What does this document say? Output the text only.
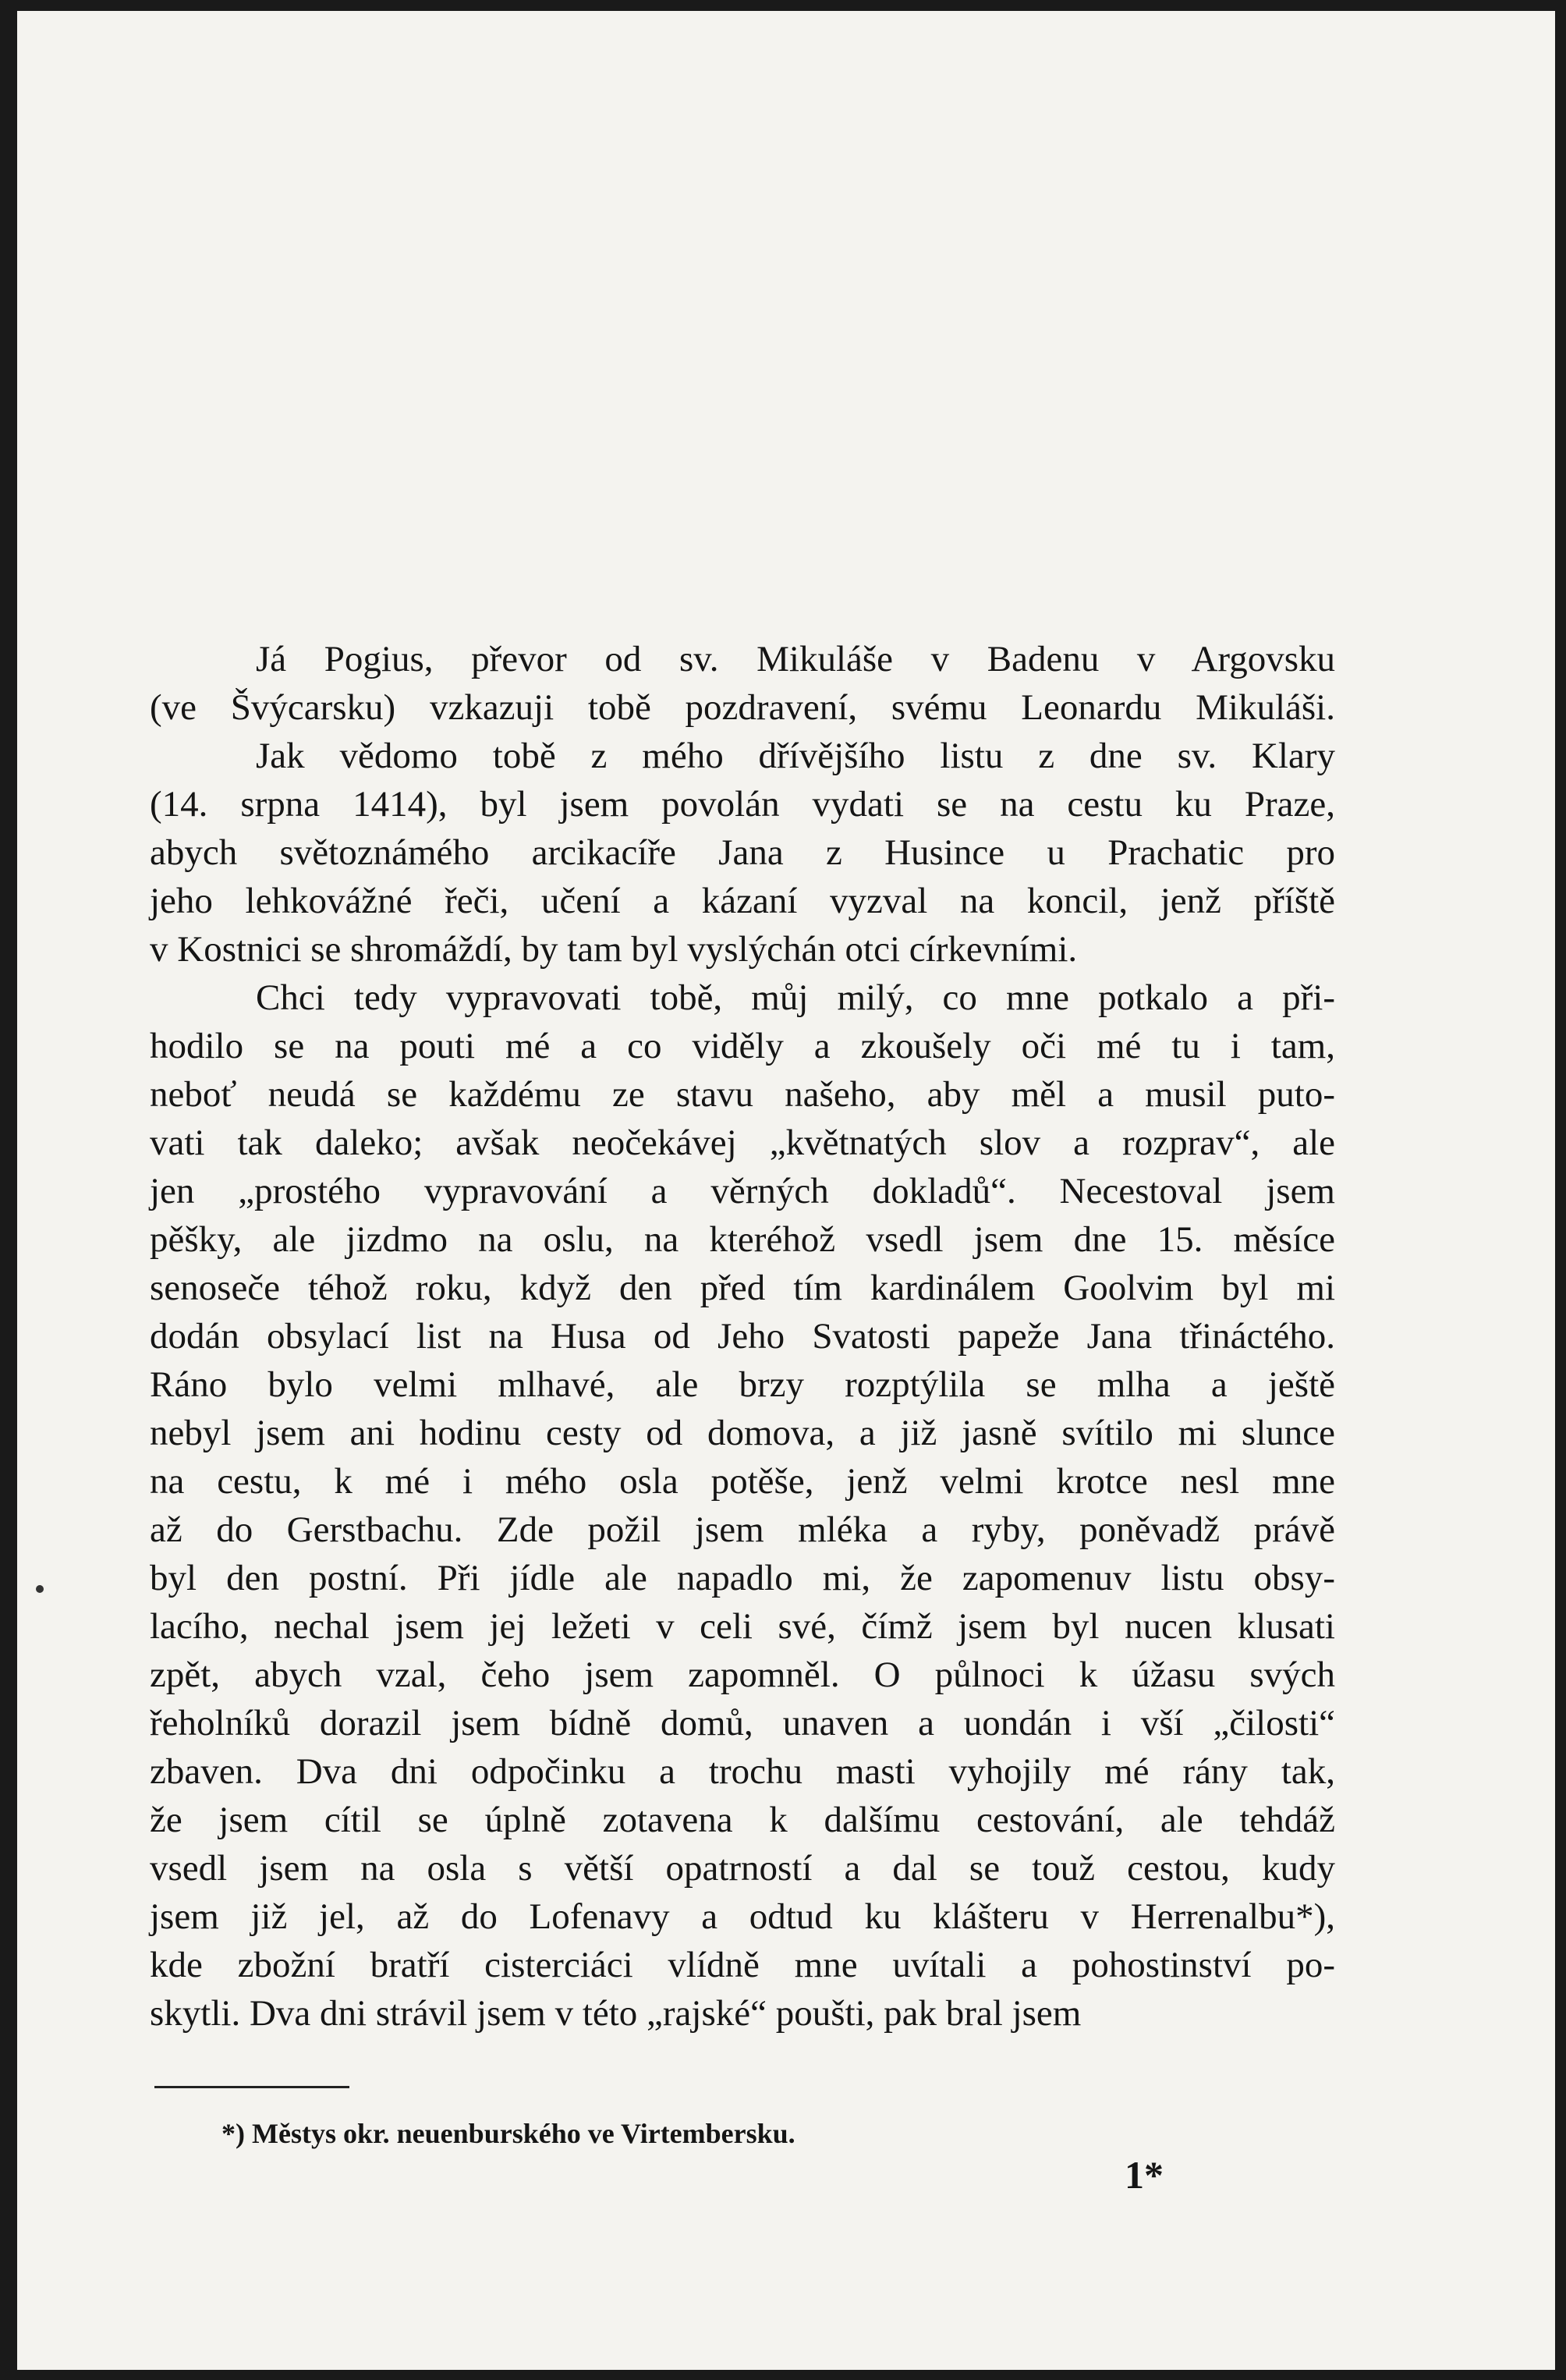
Já Pogius, převor od sv. Mikuláše v Badenu v Argovsku
(ve Švýcarsku) vzkazuji tobě pozdravení, svému Leonardu Mikuláši.
Jak vědomo tobě z mého dřívějšího listu z dne sv. Klary
(14. srpna 1414), byl jsem povolán vydati se na cestu ku Praze,
abych světoznámého arcikacíře Jana z Husince u Prachatic pro
jeho lehkovážné řeči, učení a kázaní vyzval na koncil, jenž příště
v Kostnici se shromáždí, by tam byl vyslýchán otci církevními.
Chci tedy vypravovati tobě, můj milý, co mne potkalo a při-
hodilo se na pouti mé a co viděly a zkoušely oči mé tu i tam,
neboť neudá se každému ze stavu našeho, aby měl a musil puto-
vati tak daleko; avšak neočekávej „květnatých slov a rozprav“, ale
jen „prostého vypravování a věrných dokladů“. Necestoval jsem
pěšky, ale jizdmo na oslu, na kteréhož vsedl jsem dne 15. měsíce
senoseče téhož roku, když den před tím kardinálem Goolvim byl mi
dodán obsylací list na Husa od Jeho Svatosti papeže Jana třináctého.
Ráno bylo velmi mlhavé, ale brzy rozptýlila se mlha a ještě
nebyl jsem ani hodinu cesty od domova, a již jasně svítilo mi slunce
na cestu, k mé i mého osla potěše, jenž velmi krotce nesl mne
až do Gerstbachu. Zde požil jsem mléka a ryby, poněvadž právě
byl den postní. Při jídle ale napadlo mi, že zapomenuv listu obsy-
lacího, nechal jsem jej ležeti v celi své, čímž jsem byl nucen klusati
zpět, abych vzal, čeho jsem zapomněl. O půlnoci k úžasu svých
řeholníků dorazil jsem bídně domů, unaven a uondán i vší „čilosti“
zbaven. Dva dni odpočinku a trochu masti vyhojily mé rány tak,
že jsem cítil se úplně zotavena k dalšímu cestování, ale tehdáž
vsedl jsem na osla s větší opatrností a dal se touž cestou, kudy
jsem již jel, až do Lofenavy a odtud ku klášteru v Herrenalbu*),
kde zbožní bratří cisterciáci vlídně mne uvítali a pohostinství po-
skytli. Dva dni strávil jsem v této „rajské“ poušti, pak bral jsem
*) Městys okr. neuenburského ve Virtembersku.
1*
